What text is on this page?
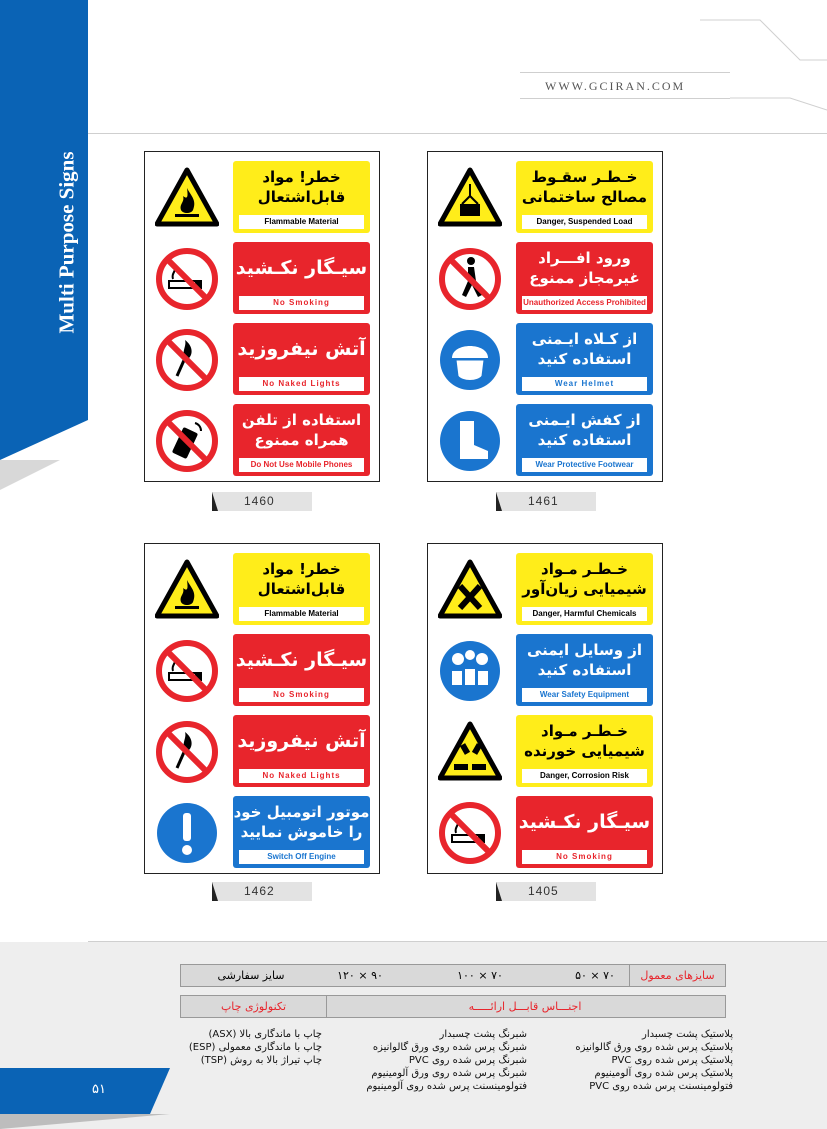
Multi Purpose Signs
WWW.GCIRAN.COM
خطر! مواد قابل‌اشتعال
Flammable Material
سیـگار نکـشید
No Smoking
آتش نیفروزید
No Naked Lights
استفاده از تلفن همراه ممنوع
Do Not Use Mobile Phones
1460
خـطـر سقـوط مصالح ساختمانی
Danger, Suspended Load
ورود افـــراد غیرمجاز ممنوع
Unauthorized Access Prohibited
از کـلاه ایـمنی استفاده کنید
Wear Helmet
از کفش ایـمنی استفاده کنید
Wear Protective Footwear
1461
خطر! مواد قابل‌اشتعال
Flammable Material
سیـگار نکـشید
No Smoking
آتش نیفروزید
No Naked Lights
موتور اتومبیل خود را خاموش نمایید
Switch Off Engine
1462
خـطـر مـواد شیمیایی زیان‌آور
Danger, Harmful Chemicals
از وسایل ایمنی استفاده کنید
Wear Safety Equipment
خـطـر مـواد شیمیایی خورنده
Danger, Corrosion Risk
سیـگار نکـشید
No Smoking
1405
سایزهای معمول
۷۰ × ۵۰
۷۰ × ۱۰۰
۹۰ × ۱۲۰
سایز سفارشی
اجنـــاس قابـــل ارائـــــه
تکنولوژی چاپ
پلاستیک پشت چسبدار
پلاستیک پرس شده روی ورق گالوانیزه
پلاستیک پرس شده روی PVC
پلاستیک پرس شده روی آلومینیوم
فتولومینسنت پرس شده روی PVC
شبرنگ پشت چسبدار
شبرنگ پرس شده روی ورق گالوانیزه
شبرنگ پرس شده روی PVC
شبرنگ پرس شده روی ورق آلومینیوم
فتولومینسنت پرس شده روی آلومینیوم
چاپ با ماندگاری بالا (ASX)
چاپ با ماندگاری معمولی (ESP)
چاپ تیراژ بالا به روش (TSP)
۵۱
